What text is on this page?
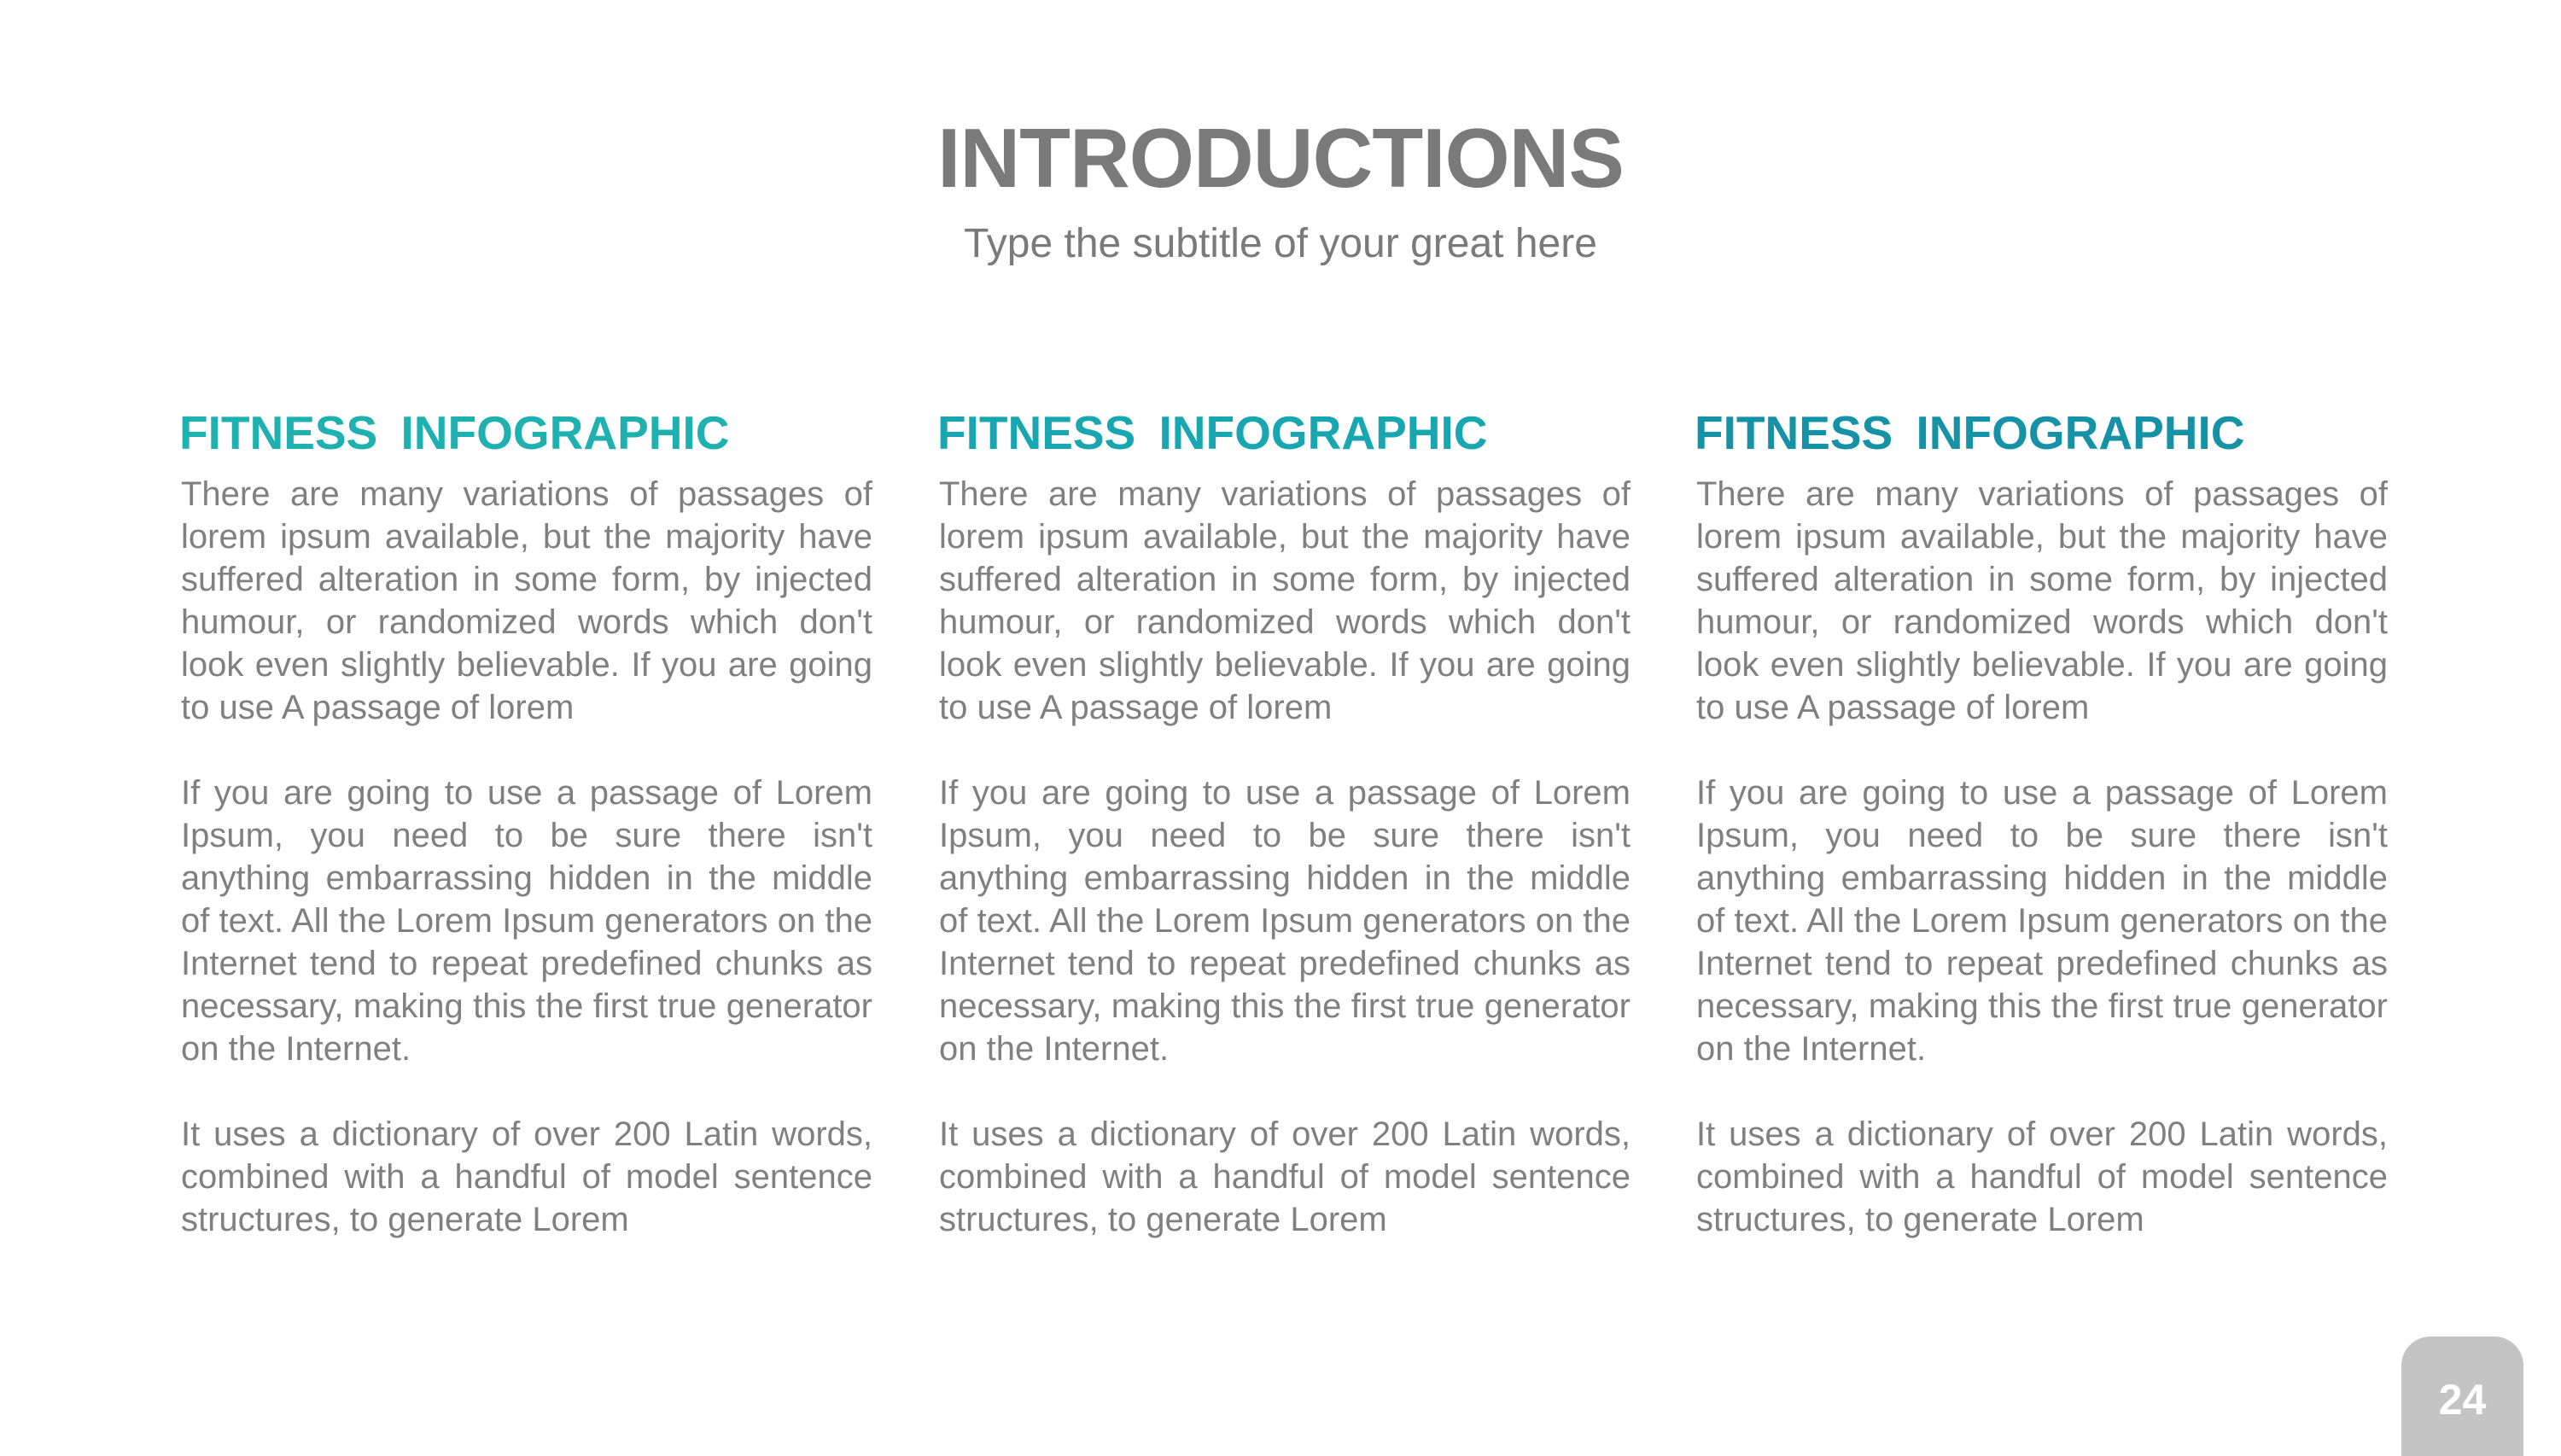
INTRODUCTIONS
Type the subtitle of your great here
FITNESS INFOGRAPHIC

There are many variations of passages of lorem ipsum available, but the majority have suffered alteration in some form, by injected humour, or randomized words which don't look even slightly believable. If you are going to use A passage of lorem

If you are going to use a passage of Lorem Ipsum, you need to be sure there isn't anything embarrassing hidden in the middle of text. All the Lorem Ipsum generators on the Internet tend to repeat predefined chunks as necessary, making this the first true generator on the Internet.

It uses a dictionary of over 200 Latin words, combined with a handful of model sentence structures, to generate Lorem

FITNESS INFOGRAPHIC

There are many variations of passages of lorem ipsum available, but the majority have suffered alteration in some form, by injected humour, or randomized words which don't look even slightly believable. If you are going to use A passage of lorem

If you are going to use a passage of Lorem Ipsum, you need to be sure there isn't anything embarrassing hidden in the middle of text. All the Lorem Ipsum generators on the Internet tend to repeat predefined chunks as necessary, making this the first true generator on the Internet.

It uses a dictionary of over 200 Latin words, combined with a handful of model sentence structures, to generate Lorem

FITNESS INFOGRAPHIC

There are many variations of passages of lorem ipsum available, but the majority have suffered alteration in some form, by injected humour, or randomized words which don't look even slightly believable. If you are going to use A passage of lorem

If you are going to use a passage of Lorem Ipsum, you need to be sure there isn't anything embarrassing hidden in the middle of text. All the Lorem Ipsum generators on the Internet tend to repeat predefined chunks as necessary, making this the first true generator on the Internet.

It uses a dictionary of over 200 Latin words, combined with a handful of model sentence structures, to generate Lorem

24
